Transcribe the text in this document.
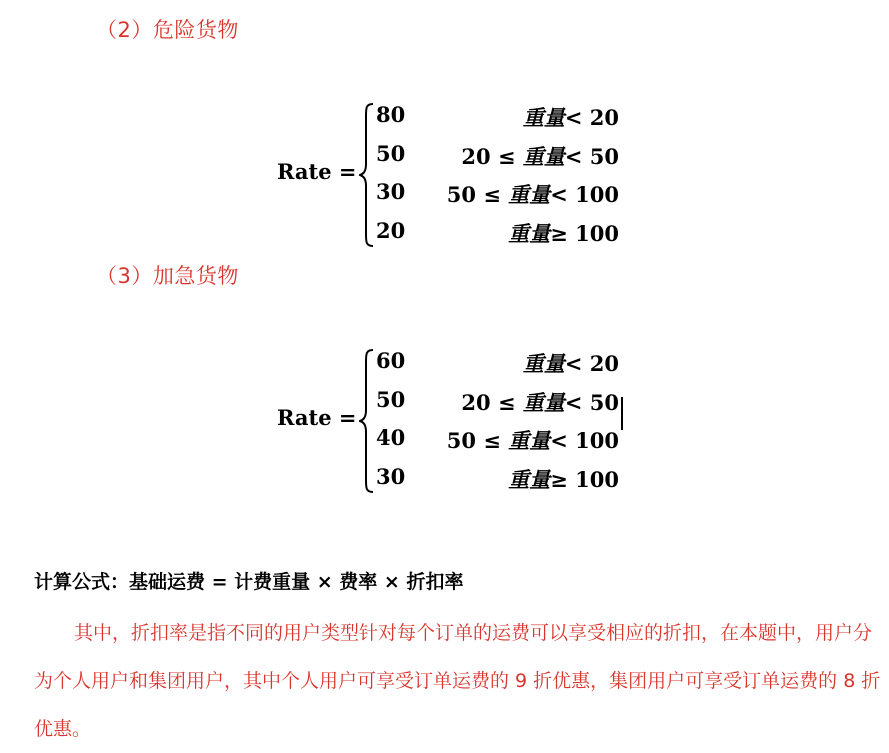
（2）危险货物
Rate =
80	重量< 20
50	20 ≤ 重量< 50
30 50 ≤ 重量< 100
20	重量≥ 100
（3）加急货物
Rate =
60	重量< 20
50	20 ≤ 重量< 50
40 50 ≤ 重量< 100
30	重量≥ 100
计算公式：基础运费 = 计费重量 × 费率 × 折扣率
其中，折扣率是指不同的用户类型针对每个订单的运费可以享受相应的折扣，在本题中，用户分为个人用户和集团用户，其中个人用户可享受订单运费的 9 折优惠，集团用户可享受订单运费的 8 折优惠。
